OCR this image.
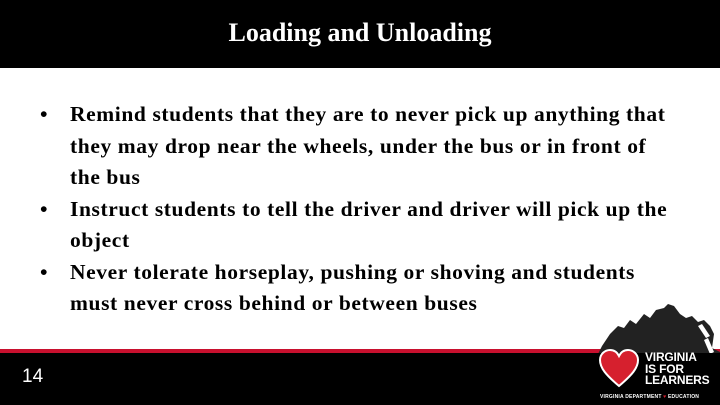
Loading and Unloading
•	Remind students that they are to never pick up anything that they may drop near the wheels, under the bus or in front of the bus
•	Instruct students to tell the driver and driver will pick up the object
•	Never tolerate horseplay, pushing or shoving and students must never cross behind or between buses
14
VIRGINIA
IS FOR
LEARNERS
VIRGINIA DEPARTMENT ♥ EDUCATION
